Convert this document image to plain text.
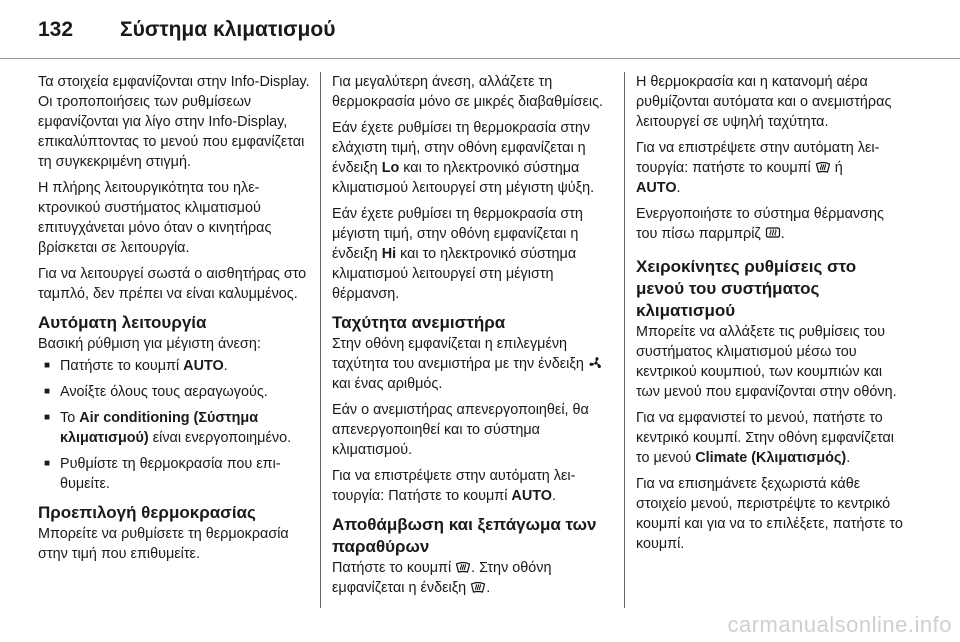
132 Σύστημα κλιματισμού

Τα στοιχεία εμφανίζονται στην Info-Display. Οι τροποποιήσεις των ρυθμίσεων εμφανίζονται για λίγο στην Info-Display, επικαλύπτοντας το μενού που εμφανίζεται τη συγκεκριμένη στιγμή.

Η πλήρης λειτουργικότητα του ηλεκτρονικού συστήματος κλιματισμού επιτυγχάνεται μόνο όταν ο κινητήρας βρίσκεται σε λειτουργία.

Για να λειτουργεί σωστά ο αισθητήρας στο ταμπλό, δεν πρέπει να είναι καλυμμένος.

Αυτόματη λειτουργία

Βασική ρύθμιση για μέγιστη άνεση:

■ Πατήστε το κουμπί AUTO.
■ Ανοίξτε όλους τους αεραγωγούς.
■ Το Air conditioning (Σύστημα κλιματισμού) είναι ενεργοποιημένο.
■ Ρυθμίστε τη θερμοκρασία που επιθυμείτε.
Προεπιλογή θερμοκρασίας

Μπορείτε να ρυθμίσετε τη θερμοκρασία στην τιμή που επιθυμείτε.

Για μεγαλύτερη άνεση, αλλάζετε τη θερμοκρασία μόνο σε μικρές διαβαθμίσεις.

Εάν έχετε ρυθμίσει τη θερμοκρασία στην ελάχιστη τιμή, στην οθόνη εμφανίζεται η ένδειξη Lo και το ηλεκτρονικό σύστημα κλιματισμού λειτουργεί στη μέγιστη ψύξη.

Εάν έχετε ρυθμίσει τη θερμοκρασία στη μέγιστη τιμή, στην οθόνη εμφανίζεται η ένδειξη Hi και το ηλεκτρονικό σύστημα κλιματισμού λειτουργεί στη μέγιστη θέρμανση.

Ταχύτητα ανεμιστήρα

Στην οθόνη εμφανίζεται η επιλεγμένη ταχύτητα του ανεμιστήρα με την ένδειξη
και ένας αριθμός.

Εάν ο ανεμιστήρας απενεργοποιηθεί, θα απενεργοποιηθεί και το σύστημα κλιματισμού.

Για να επιστρέψετε στην αυτόματη λειτουργία: Πατήστε το κουμπί AUTO.

Αποθάμβωση και ξεπάγωμα των παραθύρων

Πατήστε το κουμπί
. Στην οθόνη εμφανίζεται η ένδειξη
.

Η θερμοκρασία και η κατανομή αέρα ρυθμίζονται αυτόματα και ο ανεμιστήρας λειτουργεί σε υψηλή ταχύτητα.

Για να επιστρέψετε στην αυτόματη λειτουργία: πατήστε το κουμπί
ή
AUTO.

Ενεργοποιήστε το σύστημα θέρμανσης του πίσω παρμπρίζ
.

Χειροκίνητες ρυθμίσεις στο μενού του συστήματος κλιματισμού

Μπορείτε να αλλάξετε τις ρυθμίσεις του συστήματος κλιματισμού μέσω του κεντρικού κουμπιού, των κουμπιών και των μενού που εμφανίζονται στην οθόνη.

Για να εμφανιστεί το μενού, πατήστε το κεντρικό κουμπί. Στην οθόνη εμφανίζεται το μενού Climate (Κλιματισμός).

Για να επισημάνετε ξεχωριστά κάθε στοιχείο μενού, περιστρέψτε το κεντρικό κουμπί και για να το επιλέξετε, πατήστε το κουμπί.

carmanualsonline.info
